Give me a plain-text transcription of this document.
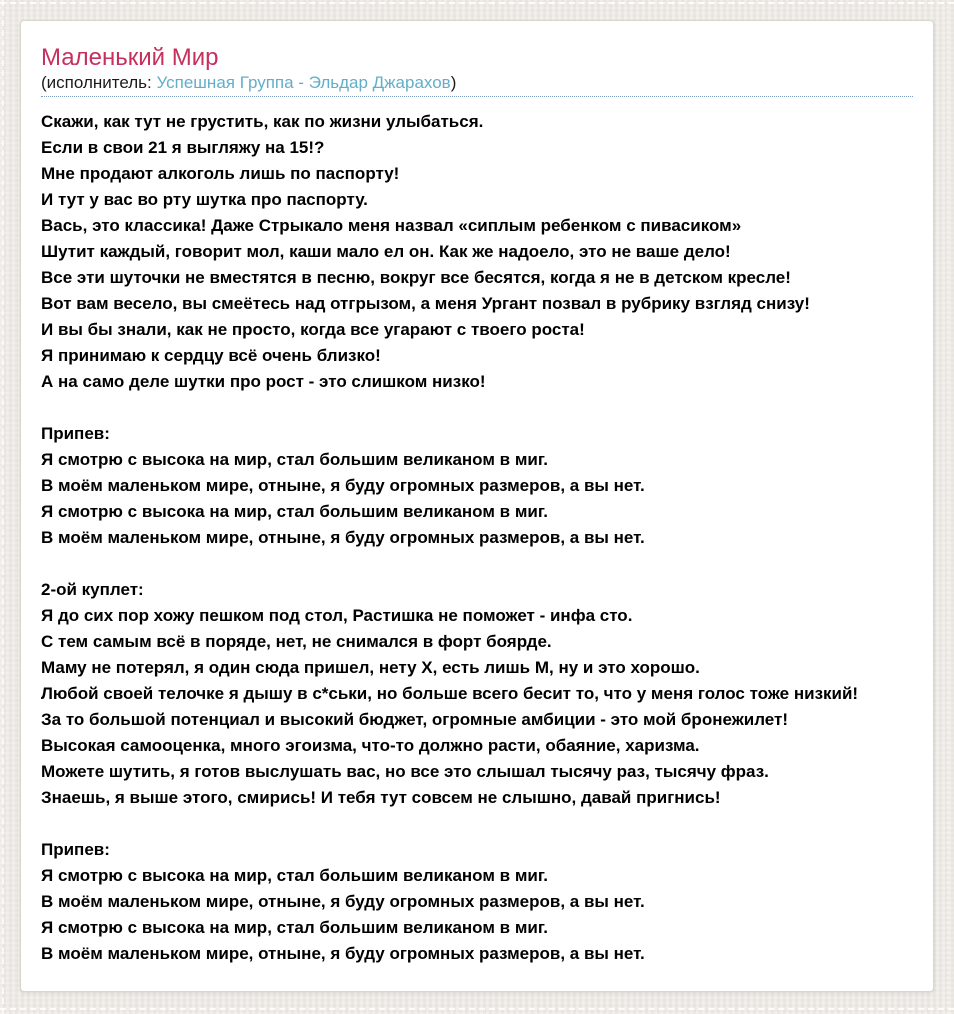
Маленький Мир
(исполнитель: Успешная Группа - Эльдар Джарахов)
Скажи, как тут не грустить, как по жизни улыбаться.
Если в свои 21 я выгляжу на 15!?
Мне продают алкоголь лишь по паспорту!
И тут у вас во рту шутка про паспорту.
Вась, это классика! Даже Стрыкало меня назвал «сиплым ребенком с пивасиком»
Шутит каждый, говорит мол, каши мало ел он. Как же надоело, это не ваше дело!
Все эти шуточки не вместятся в песню, вокруг все бесятся, когда я не в детском кресле!
Вот вам весело, вы смеётесь над отгрызом, а меня Ургант позвал в рубрику взгляд снизу!
И вы бы знали, как не просто, когда все угарают с твоего роста!
Я принимаю к сердцу всё очень близко!
А на само деле шутки про рост - это слишком низко!

Припев:
Я смотрю с высока на мир, стал большим великаном в миг.
В моём маленьком мире, отныне, я буду огромных размеров, а вы нет.
Я смотрю с высока на мир, стал большим великаном в миг.
В моём маленьком мире, отныне, я буду огромных размеров, а вы нет.

2-ой куплет:
Я до сих пор хожу пешком под стол, Растишка не поможет - инфа сто.
С тем самым всё в поряде, нет, не снимался в форт боярде.
Маму не потерял, я один сюда пришел, нету Х, есть лишь М, ну и это хорошо.
Любой своей телочке я дышу в с*ськи, но больше всего бесит то, что у меня голос тоже низкий!
За то большой потенциал и высокий бюджет, огромные амбиции - это мой бронежилет!
Высокая самооценка, много эгоизма, что-то должно расти, обаяние, харизма.
Можете шутить, я готов выслушать вас, но все это слышал тысячу раз, тысячу фраз.
Знаешь, я выше этого, смирись! И тебя тут совсем не слышно, давай пригнись!

Припев:
Я смотрю с высока на мир, стал большим великаном в миг.
В моём маленьком мире, отныне, я буду огромных размеров, а вы нет.
Я смотрю с высока на мир, стал большим великаном в миг.
В моём маленьком мире, отныне, я буду огромных размеров, а вы нет.
